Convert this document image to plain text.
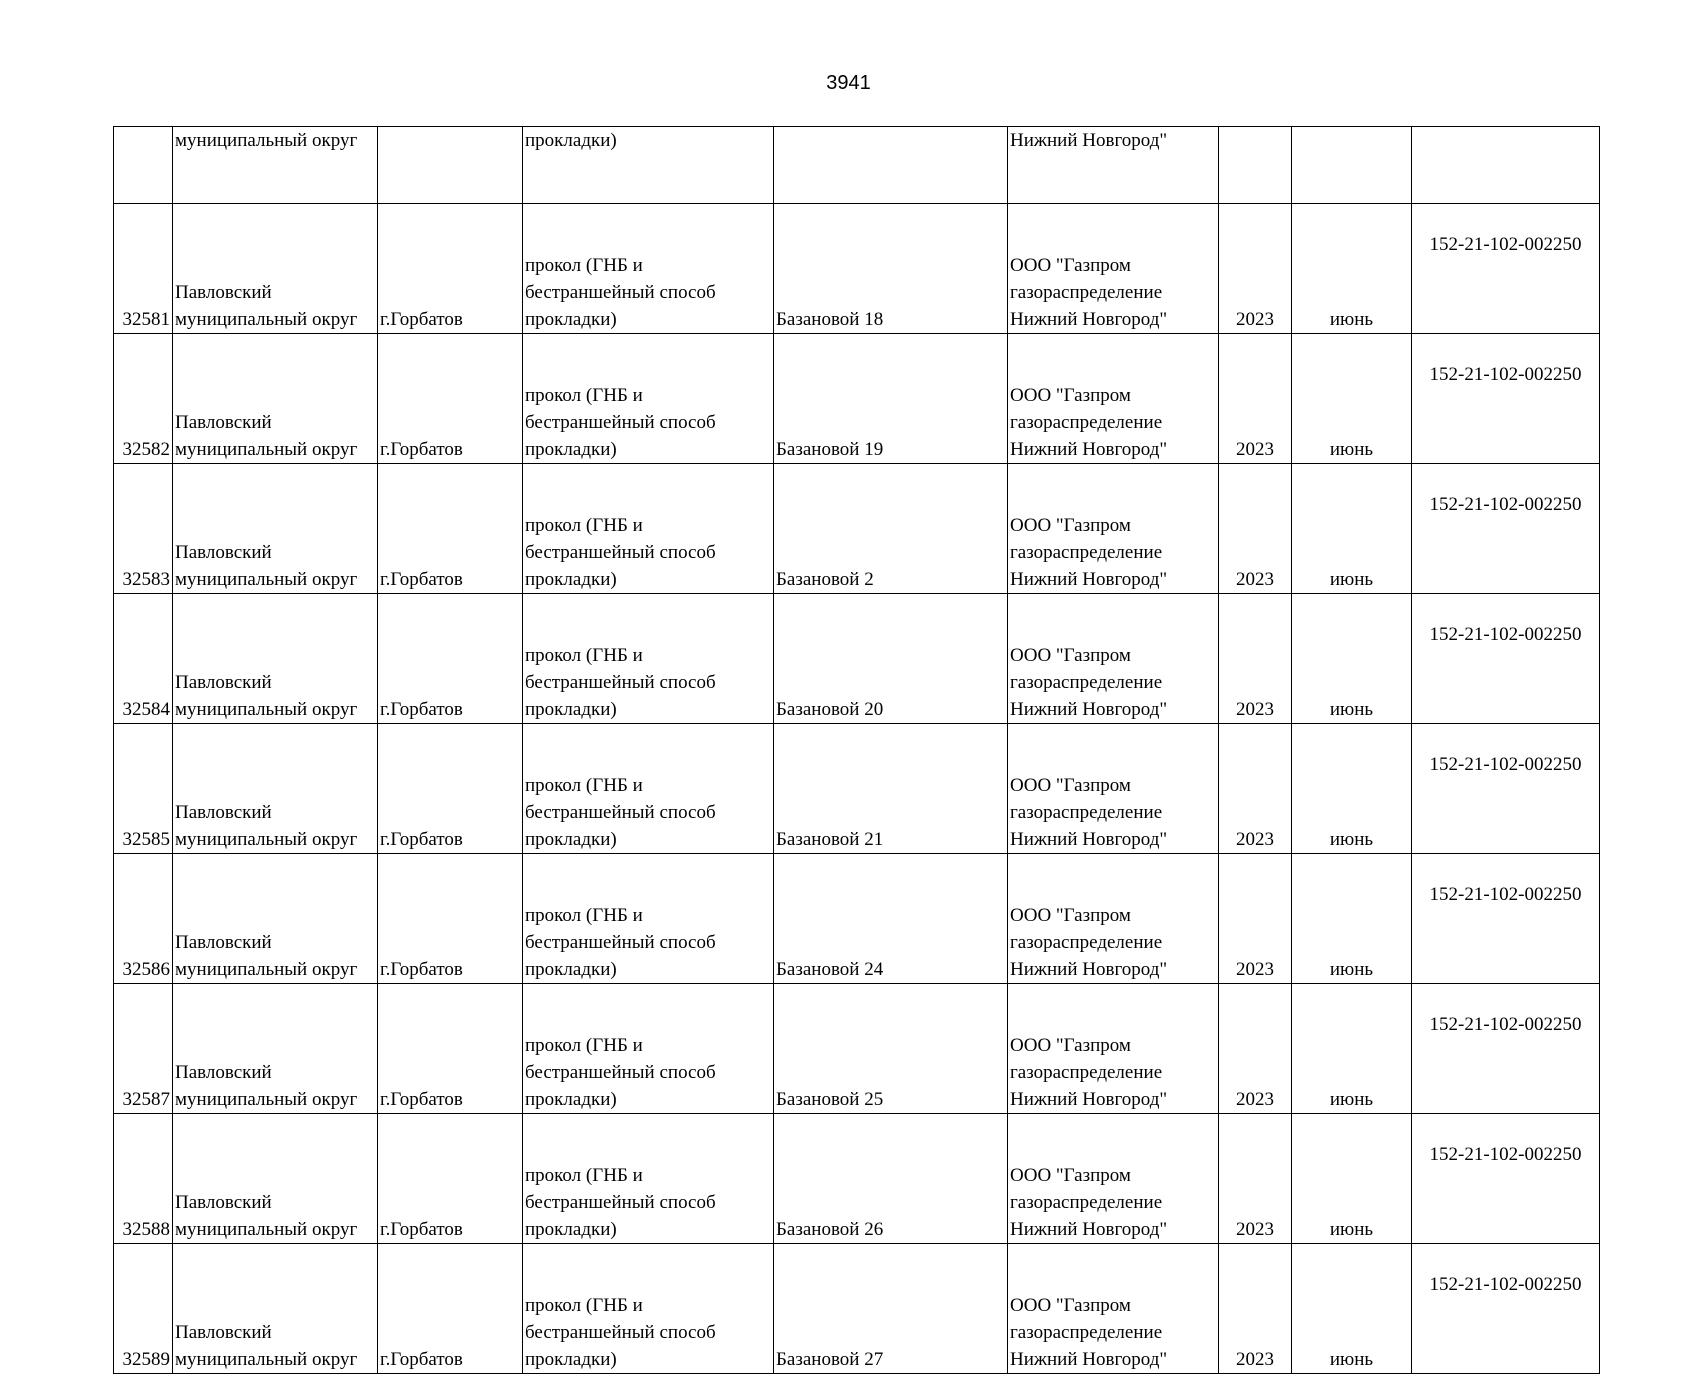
3941
	муниципальный округ		прокладки)		Нижний Новгород"			
32581	Павловский
муниципальный округ	г.Горбатов	прокол (ГНБ и
бестраншейный способ
прокладки)	Базановой 18	ООО "Газпром
газораспределение
Нижний Новгород"	2023	июнь	152-21-102-002250
32582	Павловский
муниципальный округ	г.Горбатов	прокол (ГНБ и
бестраншейный способ
прокладки)	Базановой 19	ООО "Газпром
газораспределение
Нижний Новгород"	2023	июнь	152-21-102-002250
32583	Павловский
муниципальный округ	г.Горбатов	прокол (ГНБ и
бестраншейный способ
прокладки)	Базановой 2	ООО "Газпром
газораспределение
Нижний Новгород"	2023	июнь	152-21-102-002250
32584	Павловский
муниципальный округ	г.Горбатов	прокол (ГНБ и
бестраншейный способ
прокладки)	Базановой 20	ООО "Газпром
газораспределение
Нижний Новгород"	2023	июнь	152-21-102-002250
32585	Павловский
муниципальный округ	г.Горбатов	прокол (ГНБ и
бестраншейный способ
прокладки)	Базановой 21	ООО "Газпром
газораспределение
Нижний Новгород"	2023	июнь	152-21-102-002250
32586	Павловский
муниципальный округ	г.Горбатов	прокол (ГНБ и
бестраншейный способ
прокладки)	Базановой 24	ООО "Газпром
газораспределение
Нижний Новгород"	2023	июнь	152-21-102-002250
32587	Павловский
муниципальный округ	г.Горбатов	прокол (ГНБ и
бестраншейный способ
прокладки)	Базановой 25	ООО "Газпром
газораспределение
Нижний Новгород"	2023	июнь	152-21-102-002250
32588	Павловский
муниципальный округ	г.Горбатов	прокол (ГНБ и
бестраншейный способ
прокладки)	Базановой 26	ООО "Газпром
газораспределение
Нижний Новгород"	2023	июнь	152-21-102-002250
32589	Павловский
муниципальный округ	г.Горбатов	прокол (ГНБ и
бестраншейный способ
прокладки)	Базановой 27	ООО "Газпром
газораспределение
Нижний Новгород"	2023	июнь	152-21-102-002250
